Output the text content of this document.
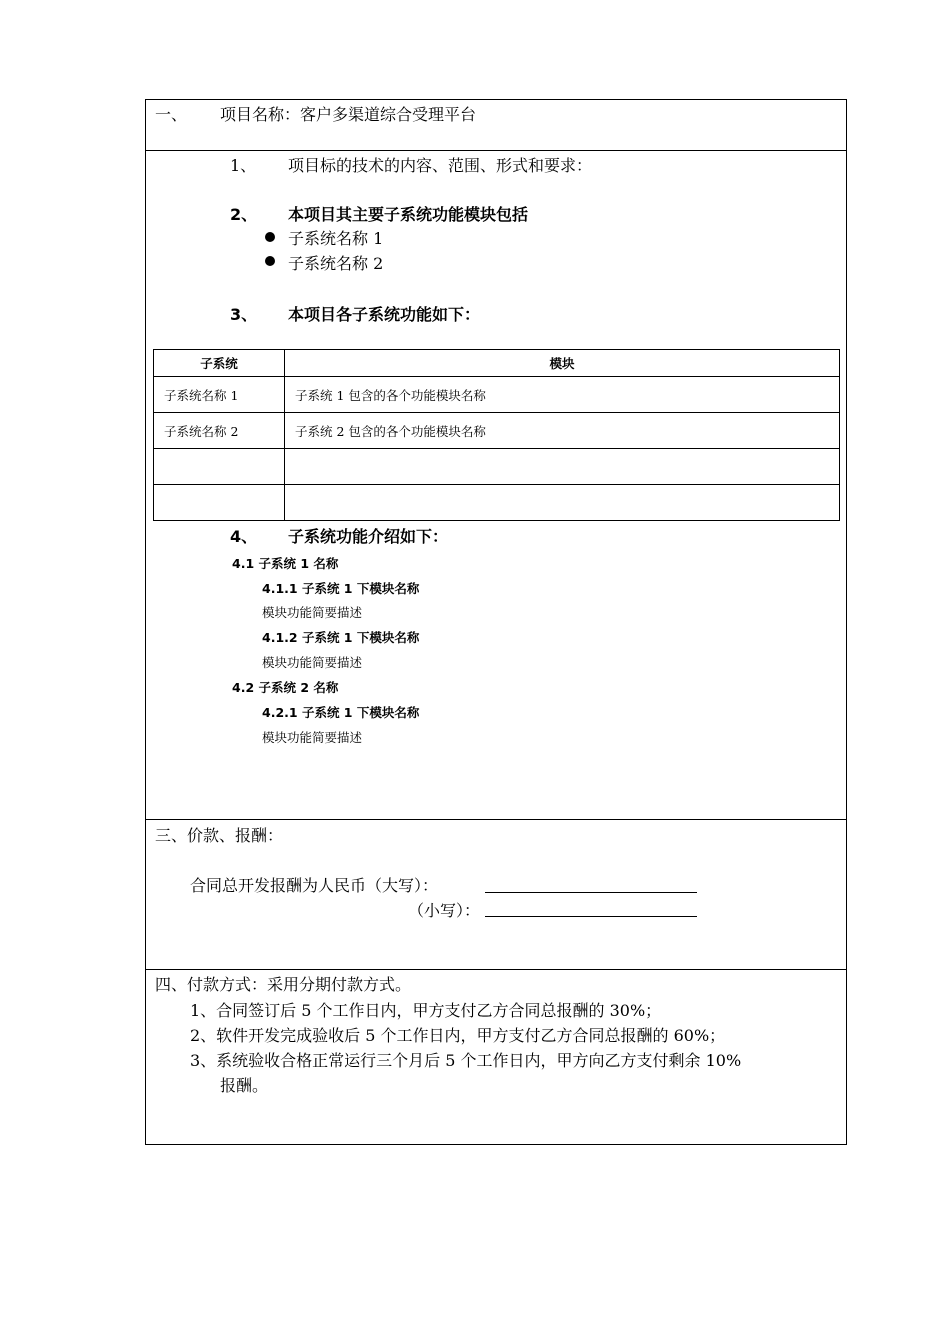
一、 项目名称：客户多渠道综合受理平台
1、 项目标的技术的内容、范围、形式和要求：
2、 本项目其主要子系统功能模块包括
子系统名称 1
子系统名称 2
3、 本项目各子系统功能如下：
子系统	模块
子系统名称 1	子系统 1 包含的各个功能模块名称
子系统名称 2	子系统 2 包含的各个功能模块名称

4、 子系统功能介绍如下：
4.1 子系统 1 名称
4.1.1 子系统 1 下模块名称
模块功能简要描述
4.1.2 子系统 1 下模块名称
模块功能简要描述
4.2 子系统 2 名称
4.2.1 子系统 1 下模块名称
模块功能简要描述
三、价款、报酬：
合同总开发报酬为人民币（大写）：
（小写）：
四、付款方式：采用分期付款方式。
1、合同签订后 5 个工作日内，甲方支付乙方合同总报酬的 30%；
2、软件开发完成验收后 5 个工作日内，甲方支付乙方合同总报酬的 60%；
3、系统验收合格正常运行三个月后 5 个工作日内，甲方向乙方支付剩余 10%
报酬。
